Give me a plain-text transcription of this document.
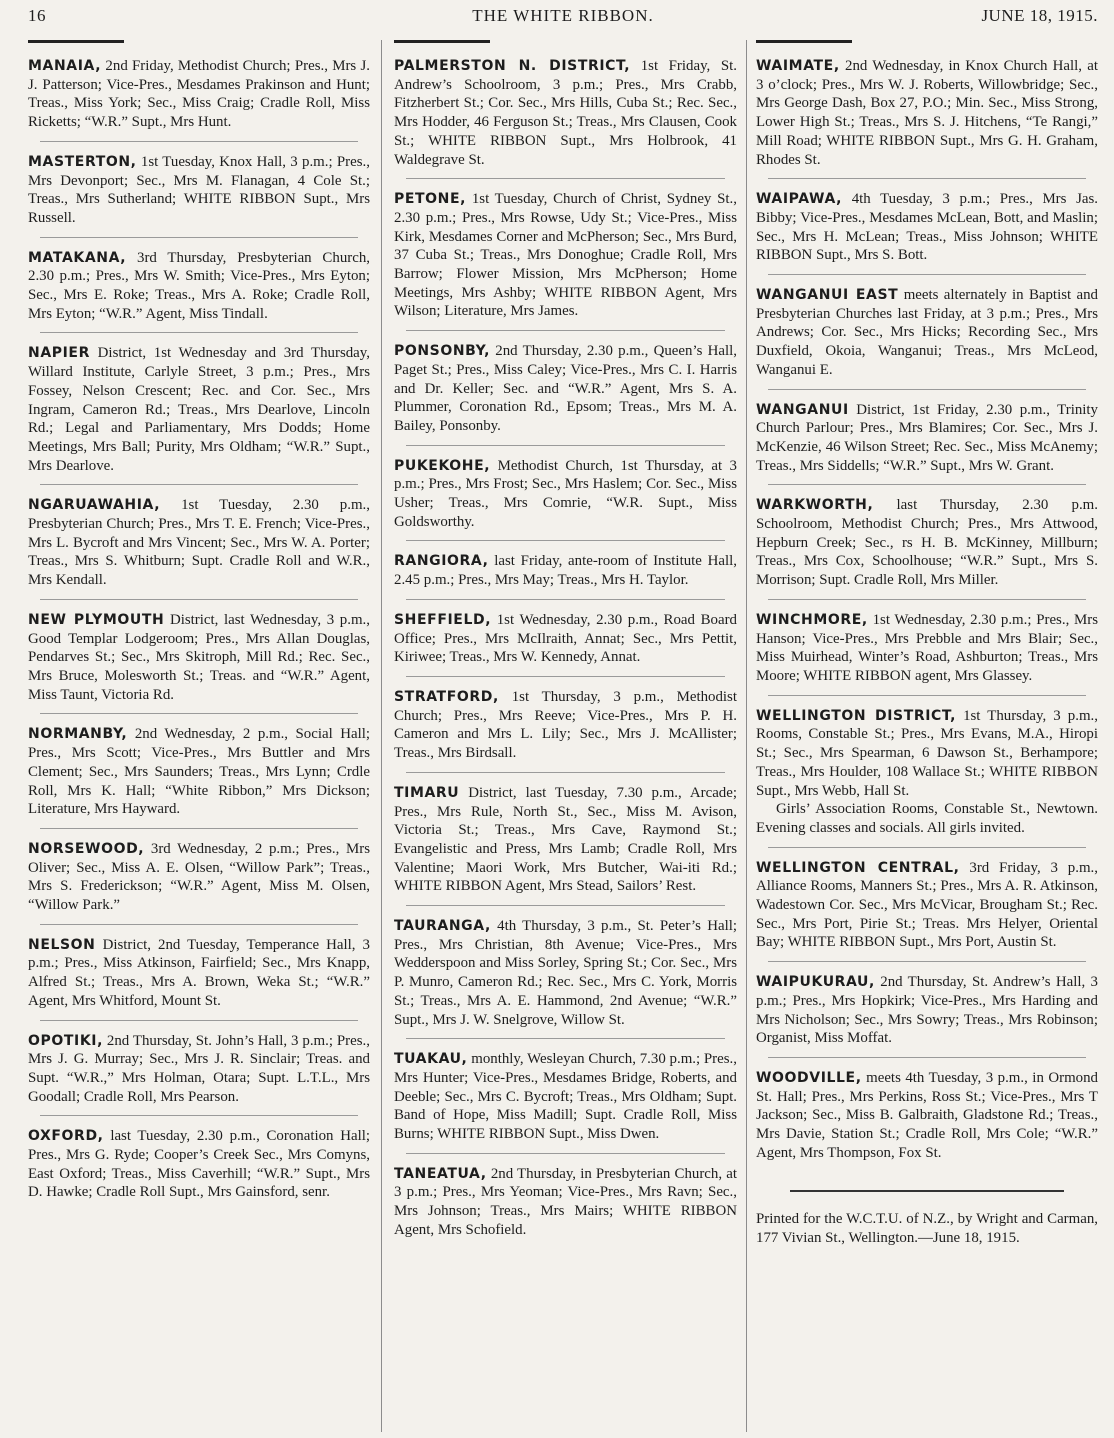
16	THE WHITE RIBBON.	JUNE 18, 1915.
MANAIA, 2nd Friday, Methodist Church; Pres., Mrs J. J. Patterson; Vice-Pres., Mesdames Prakinson and Hunt; Treas., Miss York; Sec., Miss Craig; Cradle Roll, Miss Ricketts; “W.R.” Supt., Mrs Hunt.
MASTERTON, 1st Tuesday, Knox Hall, 3 p.m.; Pres., Mrs Devonport; Sec., Mrs M. Flanagan, 4 Cole St.; Treas., Mrs Sutherland; WHITE RIBBON Supt., Mrs Russell.
MATAKANA, 3rd Thursday, Presbyterian Church, 2.30 p.m.; Pres., Mrs W. Smith; Vice-Pres., Mrs Eyton; Sec., Mrs E. Roke; Treas., Mrs A. Roke; Cradle Roll, Mrs Eyton; “W.R.” Agent, Miss Tindall.
NAPIER District, 1st Wednesday and 3rd Thursday, Willard Institute, Carlyle Street, 3 p.m.; Pres., Mrs Fossey, Nelson Crescent; Rec. and Cor. Sec., Mrs Ingram, Cameron Rd.; Treas., Mrs Dearlove, Lincoln Rd.; Legal and Parliamentary, Mrs Dodds; Home Meetings, Mrs Ball; Purity, Mrs Oldham; “W.R.” Supt., Mrs Dearlove.
NGARUAWAHIA, 1st Tuesday, 2.30 p.m., Presbyterian Church; Pres., Mrs T. E. French; Vice-Pres., Mrs L. Bycroft and Mrs Vincent; Sec., Mrs W. A. Porter; Treas., Mrs S. Whitburn; Supt. Cradle Roll and W.R., Mrs Kendall.
NEW PLYMOUTH District, last Wednesday, 3 p.m., Good Templar Lodgeroom; Pres., Mrs Allan Douglas, Pendarves St.; Sec., Mrs Skitroph, Mill Rd.; Rec. Sec., Mrs Bruce, Molesworth St.; Treas. and “W.R.” Agent, Miss Taunt, Victoria Rd.
NORMANBY, 2nd Wednesday, 2 p.m., Social Hall; Pres., Mrs Scott; Vice-Pres., Mrs Buttler and Mrs Clement; Sec., Mrs Saunders; Treas., Mrs Lynn; Crdle Roll, Mrs K. Hall; “White Ribbon,” Mrs Dickson; Literature, Mrs Hayward.
NORSEWOOD, 3rd Wednesday, 2 p.m.; Pres., Mrs Oliver; Sec., Miss A. E. Olsen, “Willow Park”; Treas., Mrs S. Frederickson; “W.R.” Agent, Miss M. Olsen, “Willow Park.”
NELSON District, 2nd Tuesday, Temperance Hall, 3 p.m.; Pres., Miss Atkinson, Fairfield; Sec., Mrs Knapp, Alfred St.; Treas., Mrs A. Brown, Weka St.; “W.R.” Agent, Mrs Whitford, Mount St.
OPOTIKI, 2nd Thursday, St. John’s Hall, 3 p.m.; Pres., Mrs J. G. Murray; Sec., Mrs J. R. Sinclair; Treas. and Supt. “W.R.,” Mrs Holman, Otara; Supt. L.T.L., Mrs Goodall; Cradle Roll, Mrs Pearson.
OXFORD, last Tuesday, 2.30 p.m., Coronation Hall; Pres., Mrs G. Ryde; Cooper’s Creek Sec., Mrs Comyns, East Oxford; Treas., Miss Caverhill; “W.R.” Supt., Mrs D. Hawke; Cradle Roll Supt., Mrs Gainsford, senr.
PALMERSTON N. DISTRICT, 1st Friday, St. Andrew’s Schoolroom, 3 p.m.; Pres., Mrs Crabb, Fitzherbert St.; Cor. Sec., Mrs Hills, Cuba St.; Rec. Sec., Mrs Hodder, 46 Ferguson St.; Treas., Mrs Clausen, Cook St.; WHITE RIBBON Supt., Mrs Holbrook, 41 Waldegrave St.
PETONE, 1st Tuesday, Church of Christ, Sydney St., 2.30 p.m.; Pres., Mrs Rowse, Udy St.; Vice-Pres., Miss Kirk, Mesdames Corner and McPherson; Sec., Mrs Burd, 37 Cuba St.; Treas., Mrs Donoghue; Cradle Roll, Mrs Barrow; Flower Mission, Mrs McPherson; Home Meetings, Mrs Ashby; WHITE RIBBON Agent, Mrs Wilson; Literature, Mrs James.
PONSONBY, 2nd Thursday, 2.30 p.m., Queen’s Hall, Paget St.; Pres., Miss Caley; Vice-Pres., Mrs C. I. Harris and Dr. Keller; Sec. and “W.R.” Agent, Mrs S. A. Plummer, Coronation Rd., Epsom; Treas., Mrs M. A. Bailey, Ponsonby.
PUKEKOHE, Methodist Church, 1st Thursday, at 3 p.m.; Pres., Mrs Frost; Sec., Mrs Haslem; Cor. Sec., Miss Usher; Treas., Mrs Comrie, “W.R. Supt., Miss Goldsworthy.
RANGIORA, last Friday, ante-room of Institute Hall, 2.45 p.m.; Pres., Mrs May; Treas., Mrs H. Taylor.
SHEFFIELD, 1st Wednesday, 2.30 p.m., Road Board Office; Pres., Mrs McIlraith, Annat; Sec., Mrs Pettit, Kiriwee; Treas., Mrs W. Kennedy, Annat.
STRATFORD, 1st Thursday, 3 p.m., Methodist Church; Pres., Mrs Reeve; Vice-Pres., Mrs P. H. Cameron and Mrs L. Lily; Sec., Mrs J. McAllister; Treas., Mrs Birdsall.
TIMARU District, last Tuesday, 7.30 p.m., Arcade; Pres., Mrs Rule, North St., Sec., Miss M. Avison, Victoria St.; Treas., Mrs Cave, Raymond St.; Evangelistic and Press, Mrs Lamb; Cradle Roll, Mrs Valentine; Maori Work, Mrs Butcher, Wai-iti Rd.; WHITE RIBBON Agent, Mrs Stead, Sailors’ Rest.
TAURANGA, 4th Thursday, 3 p.m., St. Peter’s Hall; Pres., Mrs Christian, 8th Avenue; Vice-Pres., Mrs Wedderspoon and Miss Sorley, Spring St.; Cor. Sec., Mrs P. Munro, Cameron Rd.; Rec. Sec., Mrs C. York, Morris St.; Treas., Mrs A. E. Hammond, 2nd Avenue; “W.R.” Supt., Mrs J. W. Snelgrove, Willow St.
TUAKAU, monthly, Wesleyan Church, 7.30 p.m.; Pres., Mrs Hunter; Vice-Pres., Mesdames Bridge, Roberts, and Deeble; Sec., Mrs C. Bycroft; Treas., Mrs Oldham; Supt. Band of Hope, Miss Madill; Supt. Cradle Roll, Miss Burns; WHITE RIBBON Supt., Miss Dwen.
TANEATUA, 2nd Thursday, in Presbyterian Church, at 3 p.m.; Pres., Mrs Yeoman; Vice-Pres., Mrs Ravn; Sec., Mrs Johnson; Treas., Mrs Mairs; WHITE RIBBON Agent, Mrs Schofield.
WAIMATE, 2nd Wednesday, in Knox Church Hall, at 3 o’clock; Pres., Mrs W. J. Roberts, Willowbridge; Sec., Mrs George Dash, Box 27, P.O.; Min. Sec., Miss Strong, Lower High St.; Treas., Mrs S. J. Hitchens, “Te Rangi,” Mill Road; WHITE RIBBON Supt., Mrs G. H. Graham, Rhodes St.
WAIPAWA, 4th Tuesday, 3 p.m.; Pres., Mrs Jas. Bibby; Vice-Pres., Mesdames McLean, Bott, and Maslin; Sec., Mrs H. McLean; Treas., Miss Johnson; WHITE RIBBON Supt., Mrs S. Bott.
WANGANUI EAST meets alternately in Baptist and Presbyterian Churches last Friday, at 3 p.m.; Pres., Mrs Andrews; Cor. Sec., Mrs Hicks; Recording Sec., Mrs Duxfield, Okoia, Wanganui; Treas., Mrs McLeod, Wanganui E.
WANGANUI District, 1st Friday, 2.30 p.m., Trinity Church Parlour; Pres., Mrs Blamires; Cor. Sec., Mrs J. McKenzie, 46 Wilson Street; Rec. Sec., Miss McAnemy; Treas., Mrs Siddells; “W.R.” Supt., Mrs W. Grant.
WARKWORTH, last Thursday, 2.30 p.m. Schoolroom, Methodist Church; Pres., Mrs Attwood, Hepburn Creek; Sec., rs H. B. McKinney, Millburn; Treas., Mrs Cox, Schoolhouse; “W.R.” Supt., Mrs S. Morrison; Supt. Cradle Roll, Mrs Miller.
WINCHMORE, 1st Wednesday, 2.30 p.m.; Pres., Mrs Hanson; Vice-Pres., Mrs Prebble and Mrs Blair; Sec., Miss Muirhead, Winter’s Road, Ashburton; Treas., Mrs Moore; WHITE RIBBON agent, Mrs Glassey.
WELLINGTON DISTRICT, 1st Thursday, 3 p.m., Rooms, Constable St.; Pres., Mrs Evans, M.A., Hiropi St.; Sec., Mrs Spearman, 6 Dawson St., Berhampore; Treas., Mrs Houlder, 108 Wallace St.; WHITE RIBBON Supt., Mrs Webb, Hall St.
Girls’ Association Rooms, Constable St., Newtown. Evening classes and socials. All girls invited.
WELLINGTON CENTRAL, 3rd Friday, 3 p.m., Alliance Rooms, Manners St.; Pres., Mrs A. R. Atkinson, Wadestown Cor. Sec., Mrs McVicar, Brougham St.; Rec. Sec., Mrs Port, Pirie St.; Treas. Mrs Helyer, Oriental Bay; WHITE RIBBON Supt., Mrs Port, Austin St.
WAIPUKURAU, 2nd Thursday, St. Andrew’s Hall, 3 p.m.; Pres., Mrs Hopkirk; Vice-Pres., Mrs Harding and Mrs Nicholson; Sec., Mrs Sowry; Treas., Mrs Robinson; Organist, Miss Moffat.
WOODVILLE, meets 4th Tuesday, 3 p.m., in Ormond St. Hall; Pres., Mrs Perkins, Ross St.; Vice-Pres., Mrs T Jackson; Sec., Miss B. Galbraith, Gladstone Rd.; Treas., Mrs Davie, Station St.; Cradle Roll, Mrs Cole; “W.R.” Agent, Mrs Thompson, Fox St.
Printed for the W.C.T.U. of N.Z., by Wright and Carman, 177 Vivian St., Wellington.—June 18, 1915.
